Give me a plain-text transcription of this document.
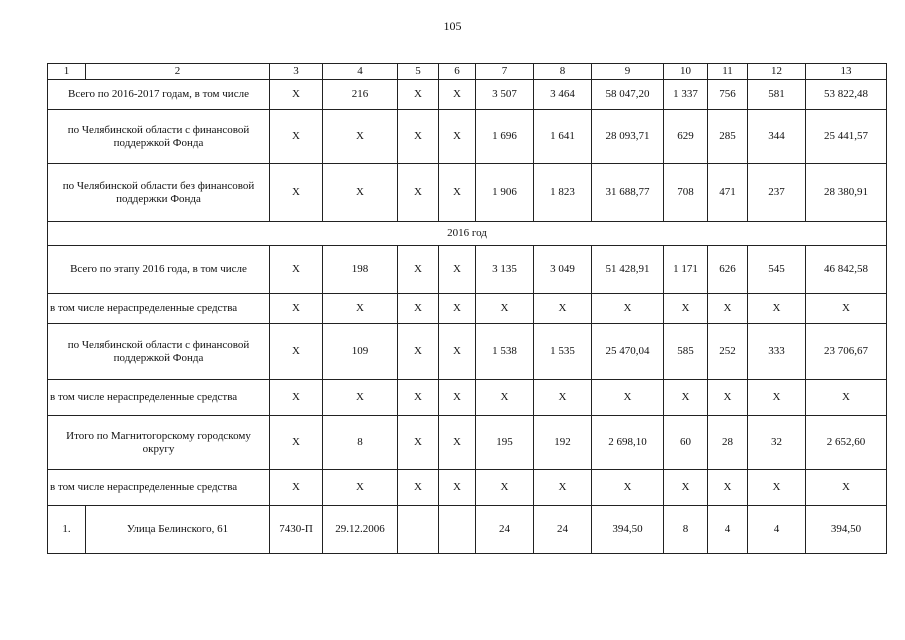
105
1	2	3	4	5	6	7	8	9	10	11	12	13
Всего по 2016-2017 годам, в том числе		Х	216	Х	Х	3 507	3 464	58 047,20	1 337	756	581	53 822,48
по Челябинской области с финансовой поддержкой Фонда		Х	Х	Х	Х	1 696	1 641	28 093,71	629	285	344	25 441,57
по Челябинской области без финансовой поддержки Фонда		Х	Х	Х	Х	1 906	1 823	31 688,77	708	471	237	28 380,91
2016 год												
Всего по этапу 2016 года, в том числе		Х	198	Х	Х	3 135	3 049	51 428,91	1 171	626	545	46 842,58
в том числе нераспределенные средства		Х	Х	Х	Х	Х	Х	Х	Х	Х	Х	Х
по Челябинской области с финансовой поддержкой Фонда		Х	109	Х	Х	1 538	1 535	25 470,04	585	252	333	23 706,67
в том числе нераспределенные средства		Х	Х	Х	Х	Х	Х	Х	Х	Х	Х	Х
Итого по Магнитогорскому городскому округу		Х	8	Х	Х	195	192	2 698,10	60	28	32	2 652,60
в том числе нераспределенные средства		Х	Х	Х	Х	Х	Х	Х	Х	Х	Х	Х
1.	Улица Белинского, 61	7430-П	29.12.2006			24	24	394,50	8	4	4	394,50
